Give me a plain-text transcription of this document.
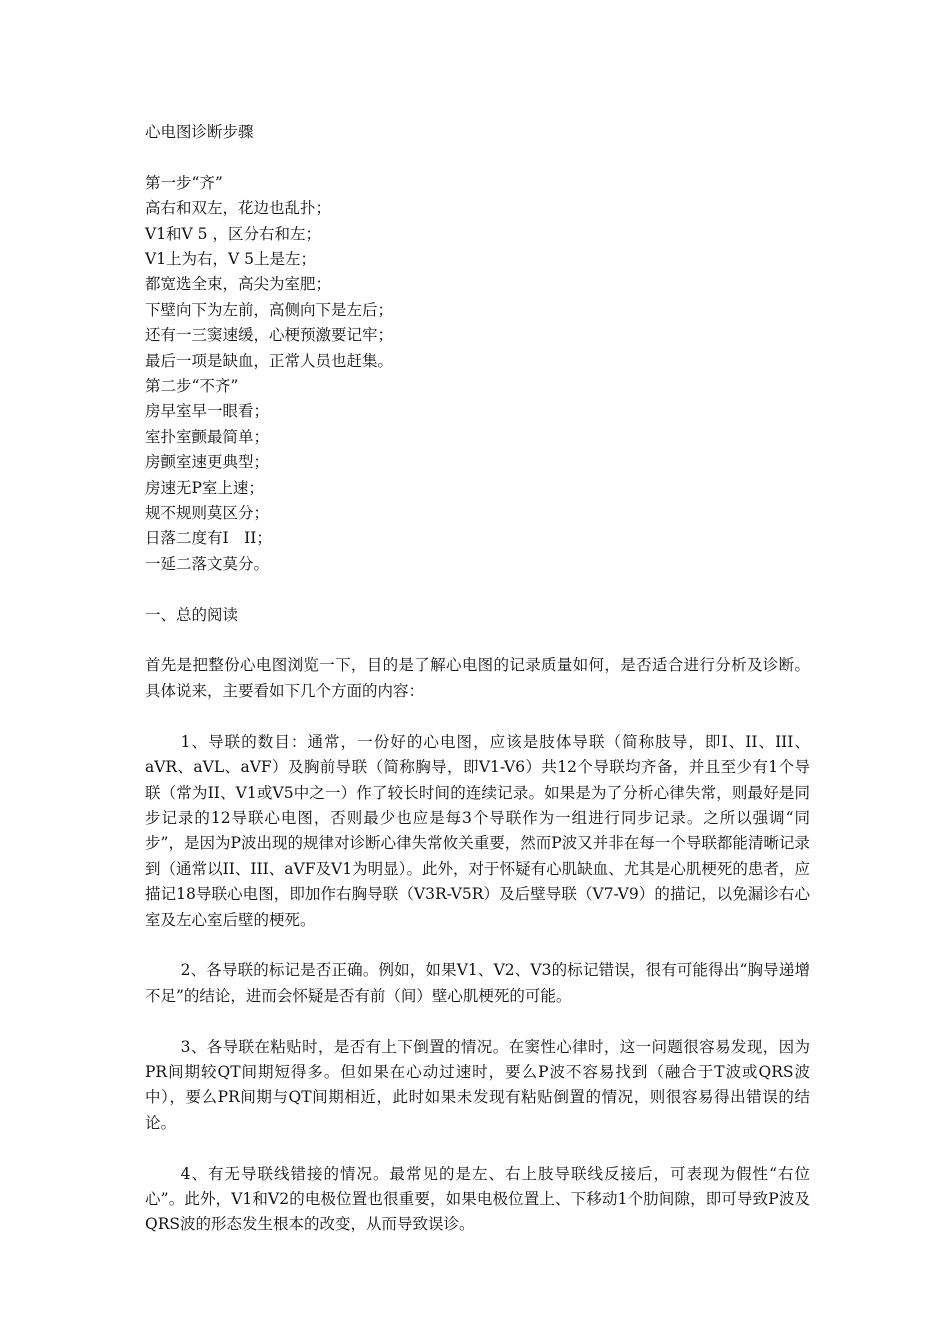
心电图诊断步骤
第一步“齐”
高右和双左，花边也乱扑；
V1和V 5 ，区分右和左；
V1上为右，V 5上是左；
都宽选全束，高尖为室肥；
下壁向下为左前，高侧向下是左后；
还有一三窦速缓，心梗预激要记牢；
最后一项是缺血，正常人员也赶集。
第二步“不齐”
房早室早一眼看；
室扑室颤最简单；
房颤室速更典型；
房速无P室上速；
规不规则莫区分；
日落二度有I　II；
一延二落文莫分。
一、总的阅读

首先是把整份心电图浏览一下，目的是了解心电图的记录质量如何，是否适合进行分析及诊断。具体说来，主要看如下几个方面的内容：

1、导联的数目：通常，一份好的心电图，应该是肢体导联（简称肢导，即I、II、III、aVR、aVL、aVF）及胸前导联（简称胸导，即V1-V6）共12个导联均齐备，并且至少有1个导联（常为II、V1或V5中之一）作了较长时间的连续记录。如果是为了分析心律失常，则最好是同步记录的12导联心电图，否则最少也应是每3个导联作为一组进行同步记录。之所以强调“同步”，是因为P波出现的规律对诊断心律失常攸关重要，然而P波又并非在每一个导联都能清晰记录到（通常以II、III、aVF及V1为明显）。此外，对于怀疑有心肌缺血、尤其是心肌梗死的患者，应描记18导联心电图，即加作右胸导联（V3R-V5R）及后壁导联（V7-V9）的描记，以免漏诊右心室及左心室后壁的梗死。

2、各导联的标记是否正确。例如，如果V1、V2、V3的标记错误，很有可能得出“胸导递增不足”的结论，进而会怀疑是否有前（间）壁心肌梗死的可能。

3、各导联在粘贴时，是否有上下倒置的情况。在窦性心律时，这一问题很容易发现，因为PR间期较QT间期短得多。但如果在心动过速时，要么P波不容易找到（融合于T波或QRS波中），要么PR间期与QT间期相近，此时如果未发现有粘贴倒置的情况，则很容易得出错误的结论。

4、有无导联线错接的情况。最常见的是左、右上肢导联线反接后，可表现为假性“右位心”。此外，V1和V2的电极位置也很重要，如果电极位置上、下移动1个肋间隙，即可导致P波及QRS波的形态发生根本的改变，从而导致误诊。
